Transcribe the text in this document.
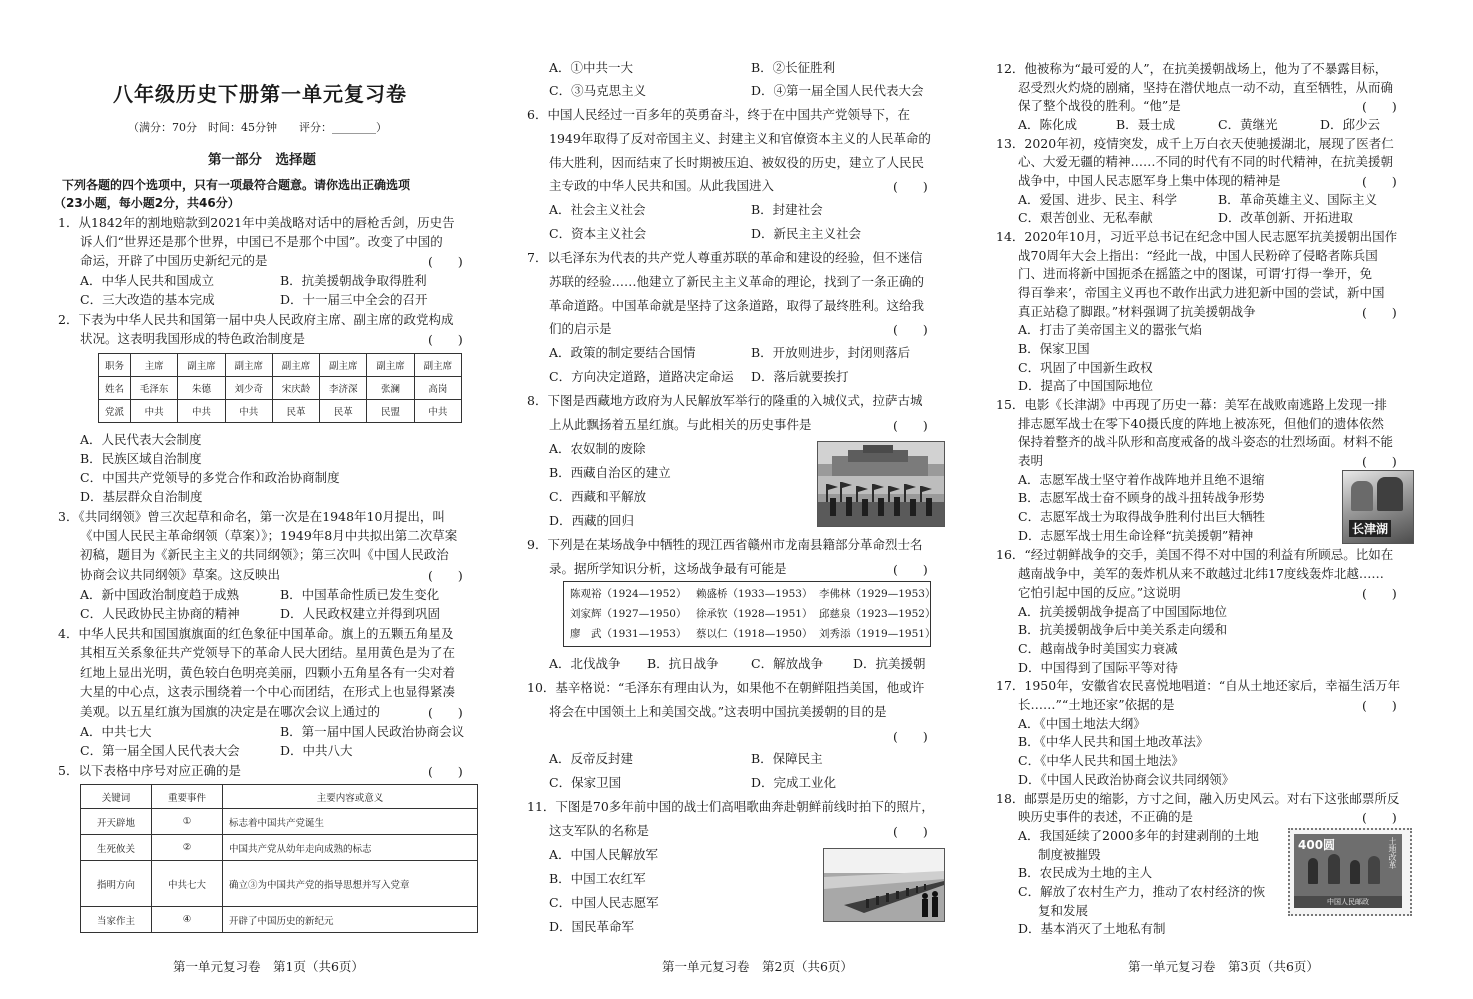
八年级历史下册第一单元复习卷
（满分：70分　时间：45分钟　　评分：________）
第一部分　选择题
下列各题的四个选项中，只有一项最符合题意。请你选出正确选项
（23小题，每小题2分，共46分）
1．从1842年的割地赔款到2021年中美战略对话中的唇枪舌剑，历史告
诉人们“世界还是那个世界，中国已不是那个中国”。改变了中国的
命运，开辟了中国历史新纪元的是	(　　)
A．中华人民共和国成立	B．抗美援朝战争取得胜利
C．三大改造的基本完成	D．十一届三中全会的召开
2．下表为中华人民共和国第一届中央人民政府主席、副主席的政党构成
状况。这表明我国形成的特色政治制度是	(　　)
职务	主席	副主席	副主席	副主席	副主席	副主席	副主席
姓名	毛泽东	朱德	刘少奇	宋庆龄	李济深	张澜	高岗
党派	中共	中共	中共	民革	民革	民盟	中共
A．人民代表大会制度
B．民族区域自治制度
C．中国共产党领导的多党合作和政治协商制度
D．基层群众自治制度
3．《共同纲领》曾三次起草和命名，第一次是在1948年10月提出，叫
《中国人民民主革命纲领（草案）》；1949年8月中共拟出第二次草案
初稿，题目为《新民主主义的共同纲领》；第三次叫《中国人民政治
协商会议共同纲领》草案。这反映出	(　　)
A．新中国政治制度趋于成熟	B．中国革命性质已发生变化
C．人民政协民主协商的精神	D．人民政权建立并得到巩固
4．中华人民共和国国旗旗面的红色象征中国革命。旗上的五颗五角星及
其相互关系象征共产党领导下的革命人民大团结。星用黄色是为了在
红地上显出光明，黄色较白色明亮美丽，四颗小五角星各有一尖对着
大星的中心点，这表示围绕着一个中心而团结，在形式上也显得紧凑
美观。以五星红旗为国旗的决定是在哪次会议上通过的	(　　)
A．中共七大	B．第一届中国人民政治协商会议
C．第一届全国人民代表大会	D．中共八大
5．以下表格中序号对应正确的是	(　　)
关键词	重要事件	主要内容或意义
开天辟地	①	标志着中国共产党诞生
生死攸关	②	中国共产党从幼年走向成熟的标志
指明方向	中共七大	确立③为中国共产党的指导思想并写入党章
当家作主	④	开辟了中国历史的新纪元
第一单元复习卷　第1页（共6页）
A．①中共一大	B．②长征胜利
C．③马克思主义	D．④第一届全国人民代表大会
6．中国人民经过一百多年的英勇奋斗，终于在中国共产党领导下，在
1949年取得了反对帝国主义、封建主义和官僚资本主义的人民革命的
伟大胜利，因而结束了长时期被压迫、被奴役的历史，建立了人民民
主专政的中华人民共和国。从此我国进入	(　　)
A．社会主义社会	B．封建社会
C．资本主义社会	D．新民主主义社会
7．以毛泽东为代表的共产党人尊重苏联的革命和建设的经验，但不迷信
苏联的经验……他建立了新民主主义革命的理论，找到了一条正确的
革命道路。中国革命就是坚持了这条道路，取得了最终胜利。这给我
们的启示是	(　　)
A．政策的制定要结合国情	B．开放则进步，封闭则落后
C．方向决定道路，道路决定命运 D．落后就要挨打
8．下图是西藏地方政府为人民解放军举行的隆重的入城仪式，拉萨古城
上从此飘扬着五星红旗。与此相关的历史事件是	(　　)
A．农奴制的废除
B．西藏自治区的建立
C．西藏和平解放
D．西藏的回归
9．下列是在某场战争中牺牲的现江西省赣州市龙南县籍部分革命烈士名
录。据所学知识分析，这场战争最有可能是	(　　)
陈观裕（1924—1952） 赖盛桥（1933—1953） 李佛林（1929—1953）
刘家辉（1927—1950） 徐承钦（1928—1951） 邱慈泉（1923—1952）
廖　武（1931—1953） 蔡以仁（1918—1950） 刘秀添（1919—1951）
A．北伐战争 B．抗日战争	C．解放战争 D．抗美援朝
10．基辛格说：“毛泽东有理由认为，如果他不在朝鲜阻挡美国，他或许
将会在中国领土上和美国交战。”这表明中国抗美援朝的目的是
(　　)
A．反帝反封建	B．保障民主
C．保家卫国	D．完成工业化
11．下图是70多年前中国的战士们高唱歌曲奔赴朝鲜前线时拍下的照片，
这支军队的名称是	(　　)
A．中国人民解放军
B．中国工农红军
C．中国人民志愿军
D．国民革命军
第一单元复习卷　第2页（共6页）
12．他被称为“最可爱的人”，在抗美援朝战场上，他为了不暴露目标，
忍受烈火灼烧的剧痛，坚持在潜伏地点一动不动，直至牺牲，从而确
保了整个战役的胜利。“他”是	(　　)
A．陈化成	B．聂士成	C．黄继光	D．邱少云
13．2020年初，疫情突发，成千上万白衣天使驰援湖北，展现了医者仁
心、大爱无疆的精神……不同的时代有不同的时代精神，在抗美援朝
战争中，中国人民志愿军身上集中体现的精神是	(　　)
A．爱国、进步、民主、科学	B．革命英雄主义、国际主义
C．艰苦创业、无私奉献	D．改革创新、开拓进取
14．2020年10月，习近平总书记在纪念中国人民志愿军抗美援朝出国作
战70周年大会上指出：“经此一战，中国人民粉碎了侵略者陈兵国
门、进而将新中国扼杀在摇篮之中的图谋，可谓‘打得一拳开，免
得百拳来’，帝国主义再也不敢作出武力进犯新中国的尝试，新中国
真正站稳了脚跟。”材料强调了抗美援朝战争	(　　)
A．打击了美帝国主义的嚣张气焰
B．保家卫国
C．巩固了中国新生政权
D．提高了中国国际地位
15．电影《长津湖》中再现了历史一幕：美军在战败南逃路上发现一排
排志愿军战士在零下40摄氏度的阵地上被冻死，但他们的遗体依然
保持着整齐的战斗队形和高度戒备的战斗姿态的壮烈场面。材料不能
表明	(　　)
A．志愿军战士坚守着作战阵地并且绝不退缩
B．志愿军战士奋不顾身的战斗扭转战争形势
C．志愿军战士为取得战争胜利付出巨大牺牲
D．志愿军战士用生命诠释“抗美援朝”精神	长津湖
16．“经过朝鲜战争的交手，美国不得不对中国的利益有所顾忌。比如在
越南战争中，美军的轰炸机从来不敢越过北纬17度线轰炸北越……
它怕引起中国的反应。”这说明	(　　)
A．抗美援朝战争提高了中国国际地位
B．抗美援朝战争后中美关系走向缓和
C．越南战争时美国实力衰减
D．中国得到了国际平等对待
17．1950年，安徽省农民喜悦地唱道：“自从土地还家后，幸福生活万年
长……”“土地还家”依据的是	(　　)
A．《中国土地法大纲》
B．《中华人民共和国土地改革法》
C．《中华人民共和国土地法》
D．《中国人民政治协商会议共同纲领》
18．邮票是历史的缩影，方寸之间，融入历史风云。对右下这张邮票所反
映历史事件的表述，不正确的是	(　　)
A．我国延续了2000多年的封建剥削的土地
制度被摧毁
B．农民成为土地的主人
C．解放了农村生产力，推动了农村经济的恢
复和发展
D．基本消灭了土地私有制
400圆	土地改革
中国人民邮政
第一单元复习卷　第3页（共6页）
